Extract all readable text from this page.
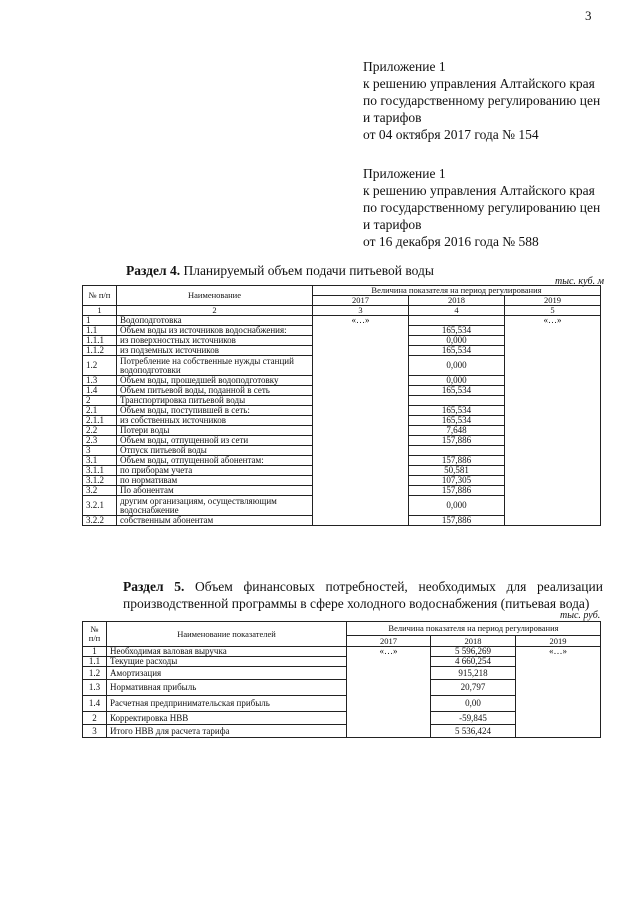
3
Приложение 1
к решению управления Алтайского края
по государственному регулированию цен
и тарифов
от 04 октября 2017 года № 154
Приложение 1
к решению управления Алтайского края
по государственному регулированию цен
и тарифов
от 16 декабря 2016 года № 588
Раздел 4. Планируемый объем подачи питьевой воды
тыс. куб. м
№ п/п	Наименование	Величина показателя на период регулирования		
		2017	2018	2019
1	2	3	4	5
1	Водоподготовка	«…»		«…»
1.1	Объем воды из источников водоснабжения:		165,534	
1.1.1	из поверхностных источников		0,000	
1.1.2	из подземных источников		165,534	
1.2	Потребление на собственные нужды станций водоподготовки		0,000	
1.3	Объем воды, прошедшей водоподготовку		0,000	
1.4	Объем питьевой воды, поданной в сеть		165,534	
2	Транспортировка питьевой воды			
2.1	Объем воды, поступившей в сеть:		165,534	
2.1.1	из собственных источников		165,534	
2.2	Потери воды		7,648	
2.3	Объем воды, отпущенной из сети		157,886	
3	Отпуск питьевой воды			
3.1	Объем воды, отпущенной абонентам:		157,886	
3.1.1	по приборам учета		50,581	
3.1.2	по нормативам		107,305	
3.2	По абонентам		157,886	
3.2.1	другим организациям, осуществляющим водоснабжение		0,000	
3.2.2	собственным абонентам		157,886	
Раздел 5. Объем финансовых потребностей, необходимых для реализации производственной программы в сфере холодного водоснабжения (питьевая вода)
тыс. руб.
№ п/п	Наименование показателей	Величина показателя на период регулирования		
		2017	2018	2019
1	Необходимая валовая выручка	«…»	5 596,269	«…»
1.1	Текущие расходы		4 660,254	
1.2	Амортизация		915,218	
1.3	Нормативная прибыль		20,797	
1.4	Расчетная предпринимательская прибыль		0,00	
2	Корректировка НВВ		-59,845	
3	Итого НВВ для расчета тарифа		5 536,424	
